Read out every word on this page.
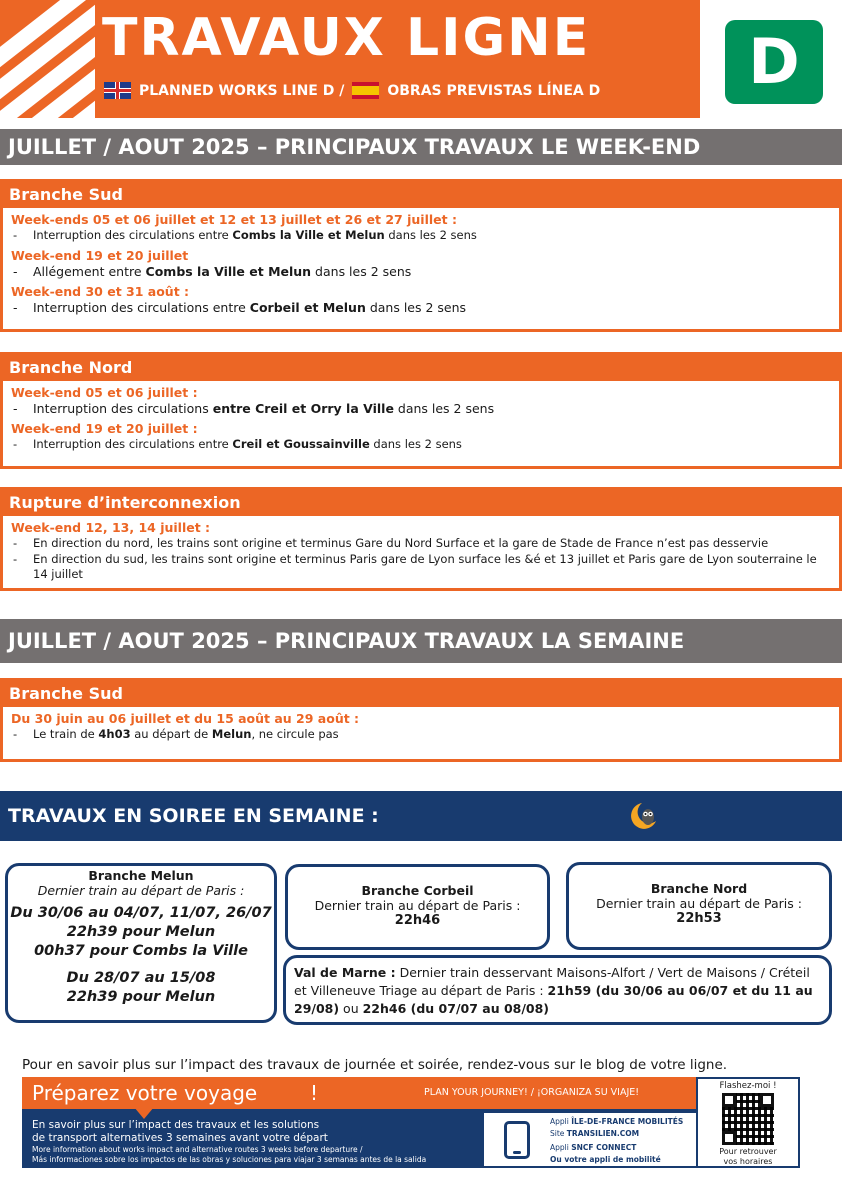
TRAVAUX LIGNE
PLANNED WORKS LINE D /	OBRAS PREVISTAS LÍNEA D	D
JUILLET / AOUT 2025 – PRINCIPAUX TRAVAUX LE WEEK-END
Branche Sud
Week-ends 05 et 06 juillet et 12 et 13 juillet et 26 et 27 juillet :
- Interruption des circulations entre Combs la Ville et Melun dans les 2 sens
Week-end 19 et 20 juillet
- Allégement entre Combs la Ville et Melun dans les 2 sens
Week-end 30 et 31 août :
- Interruption des circulations entre Corbeil et Melun dans les 2 sens
Branche Nord
Week-end 05 et 06 juillet :
- Interruption des circulations entre Creil et Orry la Ville dans les 2 sens
Week-end 19 et 20 juillet :
- Interruption des circulations entre Creil et Goussainville dans les 2 sens
Rupture d’interconnexion
Week-end 12, 13, 14 juillet :
- En direction du nord, les trains sont origine et terminus Gare du Nord Surface et la gare de Stade de France n’est pas desservie
- En direction du sud, les trains sont origine et terminus Paris gare de Lyon surface les &é et 13 juillet et Paris gare de Lyon souterraine le 14 juillet
JUILLET / AOUT 2025 – PRINCIPAUX TRAVAUX LA SEMAINE
Branche Sud
Du 30 juin au 06 juillet et du 15 août au 29 août :
- Le train de 4h03 au départ de Melun, ne circule pas
TRAVAUX EN SOIREE EN SEMAINE :
Branche Melun
Dernier train au départ de Paris :
Du 30/06 au 04/07, 11/07, 26/07
22h39 pour Melun
00h37 pour Combs la Ville
Du 28/07 au 15/08
22h39 pour Melun
Branche Corbeil
Dernier train au départ de Paris :
22h46
Branche Nord
Dernier train au départ de Paris :
22h53
Val de Marne : Dernier train desservant Maisons-Alfort / Vert de Maisons / Créteil et Villeneuve Triage au départ de Paris : 21h59 (du 30/06 au 06/07 et du 11 au 29/08) ou 22h46 (du 07/07 au 08/08)
Pour en savoir plus sur l’impact des travaux de journée et soirée, rendez-vous sur le blog de votre ligne.
Préparez votre voyage	!	PLAN YOUR JOURNEY! / ¡ORGANIZA SU VIAJE!
En savoir plus sur l’impact des travaux et les solutions
de transport alternatives 3 semaines avant votre départ
More information about works impact and alternative routes 3 weeks before departure /
Más informaciones sobre los impactos de las obras y soluciones para viajar 3 semanas antes de la salida
Appli ÎLE-DE-FRANCE MOBILITÉS
Site TRANSILIEN.COM
Appli SNCF CONNECT
Ou votre appli de mobilité
Flashez-moi !
Pour retrouver
vos horaires
